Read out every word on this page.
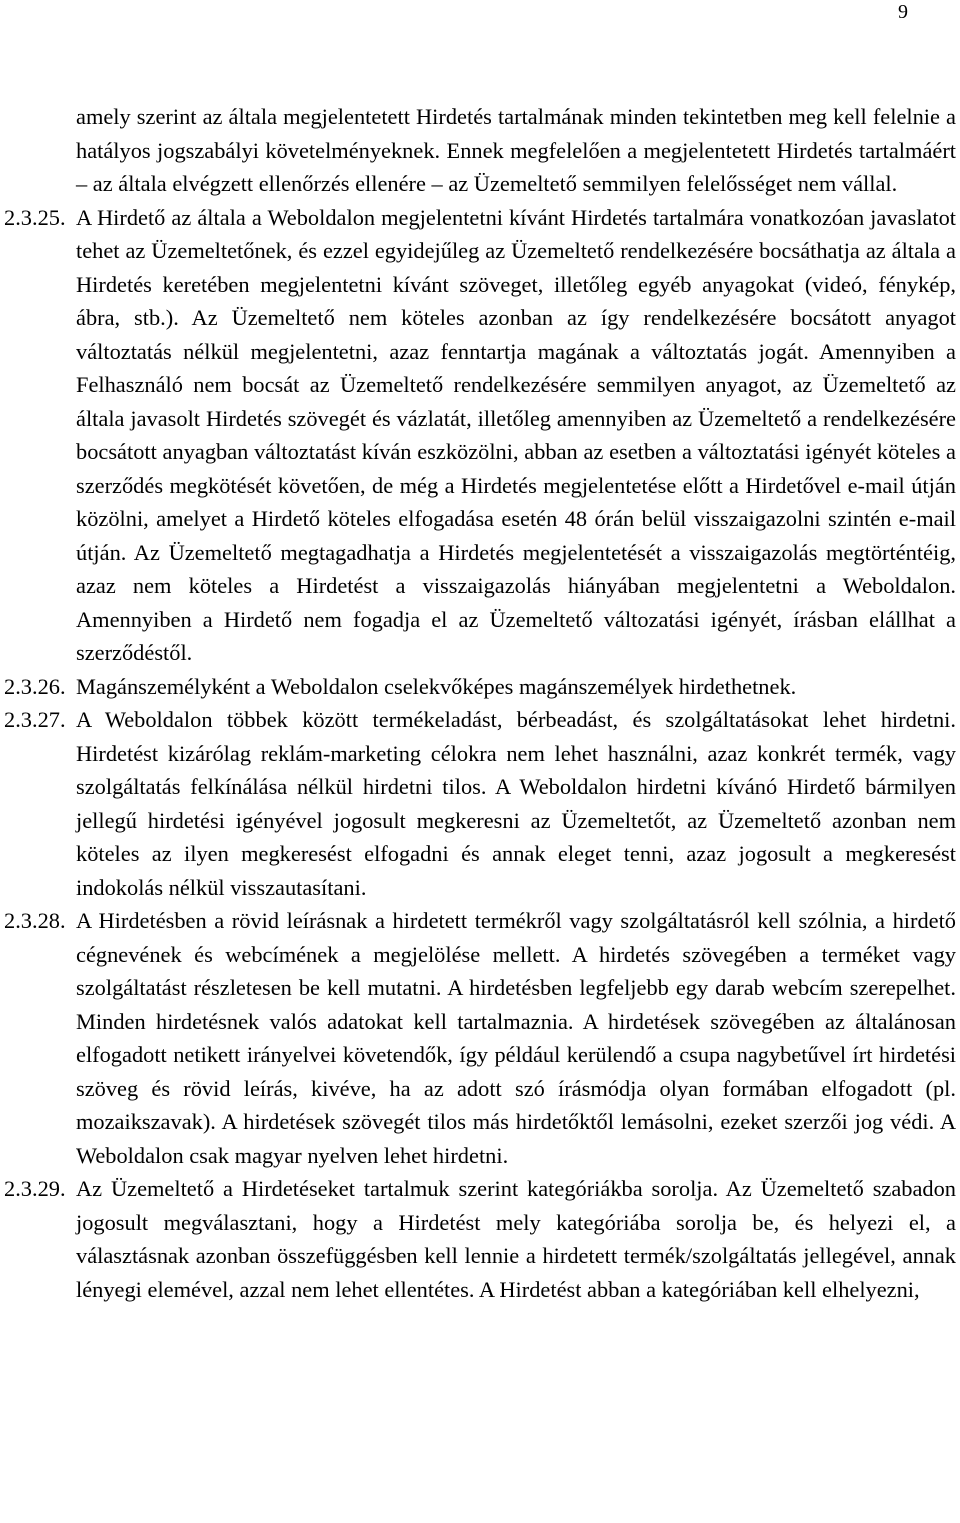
9

amely szerint az általa megjelentetett Hirdetés tartalmának minden tekintetben meg kell felelnie a hatályos jogszabályi követelményeknek. Ennek megfelelően a megjelentetett Hirdetés tartalmáért – az általa elvégzett ellenőrzés ellenére – az Üzemeltető semmilyen felelősséget nem vállal.

2.3.25. A Hirdető az általa a Weboldalon megjelentetni kívánt Hirdetés tartalmára vonatkozóan javaslatot tehet az Üzemeltetőnek, és ezzel egyidejűleg az Üzemeltető rendelkezésére bocsáthatja az általa a Hirdetés keretében megjelentetni kívánt szöveget, illetőleg egyéb anyagokat (videó, fénykép, ábra, stb.). Az Üzemeltető nem köteles azonban az így rendelkezésére bocsátott anyagot változtatás nélkül megjelentetni, azaz fenntartja magának a változtatás jogát. Amennyiben a Felhasználó nem bocsát az Üzemeltető rendelkezésére semmilyen anyagot, az Üzemeltető az általa javasolt Hirdetés szövegét és vázlatát, illetőleg amennyiben az Üzemeltető a rendelkezésére bocsátott anyagban változtatást kíván eszközölni, abban az esetben a változtatási igényét köteles a szerződés megkötését követően, de még a Hirdetés megjelentetése előtt a Hirdetővel e-mail útján közölni, amelyet a Hirdető köteles elfogadása esetén 48 órán belül visszaigazolni szintén e-mail útján. Az Üzemeltető megtagadhatja a Hirdetés megjelentetését a visszaigazolás megtörténtéig, azaz nem köteles a Hirdetést a visszaigazolás hiányában megjelentetni a Weboldalon. Amennyiben a Hirdető nem fogadja el az Üzemeltető változatási igényét, írásban elállhat a szerződéstől.

2.3.26. Magánszemélyként a Weboldalon cselekvőképes magánszemélyek hirdethetnek.

2.3.27. A Weboldalon többek között termékeladást, bérbeadást, és szolgáltatásokat lehet hirdetni. Hirdetést kizárólag reklám-marketing célokra nem lehet használni, azaz konkrét termék, vagy szolgáltatás felkínálása nélkül hirdetni tilos. A Weboldalon hirdetni kívánó Hirdető bármilyen jellegű hirdetési igényével jogosult megkeresni az Üzemeltetőt, az Üzemeltető azonban nem köteles az ilyen megkeresést elfogadni és annak eleget tenni, azaz jogosult a megkeresést indokolás nélkül visszautasítani.

2.3.28. A Hirdetésben a rövid leírásnak a hirdetett termékről vagy szolgáltatásról kell szólnia, a hirdető cégnevének és webcímének a megjelölése mellett. A hirdetés szövegében a terméket vagy szolgáltatást részletesen be kell mutatni. A hirdetésben legfeljebb egy darab webcím szerepelhet. Minden hirdetésnek valós adatokat kell tartalmaznia. A hirdetések szövegében az általánosan elfogadott netikett irányelvei követendők, így például kerülendő a csupa nagybetűvel írt hirdetési szöveg és rövid leírás, kivéve, ha az adott szó írásmódja olyan formában elfogadott (pl. mozaikszavak). A hirdetések szövegét tilos más hirdetőktől lemásolni, ezeket szerzői jog védi. A Weboldalon csak magyar nyelven lehet hirdetni.

2.3.29. Az Üzemeltető a Hirdetéseket tartalmuk szerint kategóriákba sorolja. Az Üzemeltető szabadon jogosult megválasztani, hogy a Hirdetést mely kategóriába sorolja be, és helyezi el, a választásnak azonban összefüggésben kell lennie a hirdetett termék/szolgáltatás jellegével, annak lényegi elemével, azzal nem lehet ellentétes. A Hirdetést abban a kategóriában kell elhelyezni,
